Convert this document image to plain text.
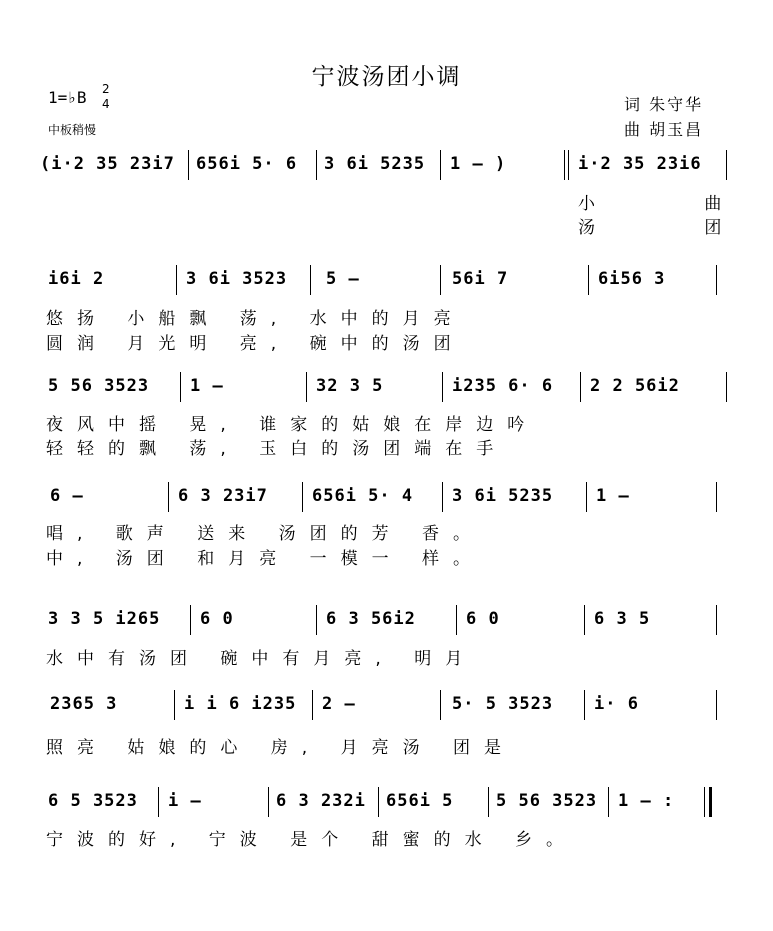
宁波汤团小调
1=♭B 2
4
中板稍慢
词 朱守华
曲 胡玉昌
(i·2 35 23i7 656i 5· 6 3 6i 5235 1 – )	i·2 35 23i6
小 曲
汤 团
i6i 2	3 6i 3523 5 –	56i 7	6i56 3
悠扬 小船飘 荡, 水中的月亮
圆润 月光明 亮, 碗中的汤团
5 56 3523 1 –	32 3 5	i235 6· 6 2 2 56i2
夜风中摇 晃, 谁家的姑娘在岸边吟
轻轻的飘 荡, 玉白的汤团端在手
6 –	6 3 23i7	656i 5· 4 3 6i 5235	1 –
唱, 歌声 送来 汤团的芳 香。
中, 汤团 和月亮 一模一 样。
3 3 5 i265 6 0	6 3 56i2	6 0	6 3 5
水中有汤团 碗中有月亮, 明月
2365 3	i i 6 i235 2 –	5· 5 3523 i· 6
照亮 姑娘的心 房, 月亮汤 团是
6 5 3523 i –	6 3 232i 656i 5	5 56 3523 1 – :
宁波的好, 宁波 是个 甜蜜的水 乡。
